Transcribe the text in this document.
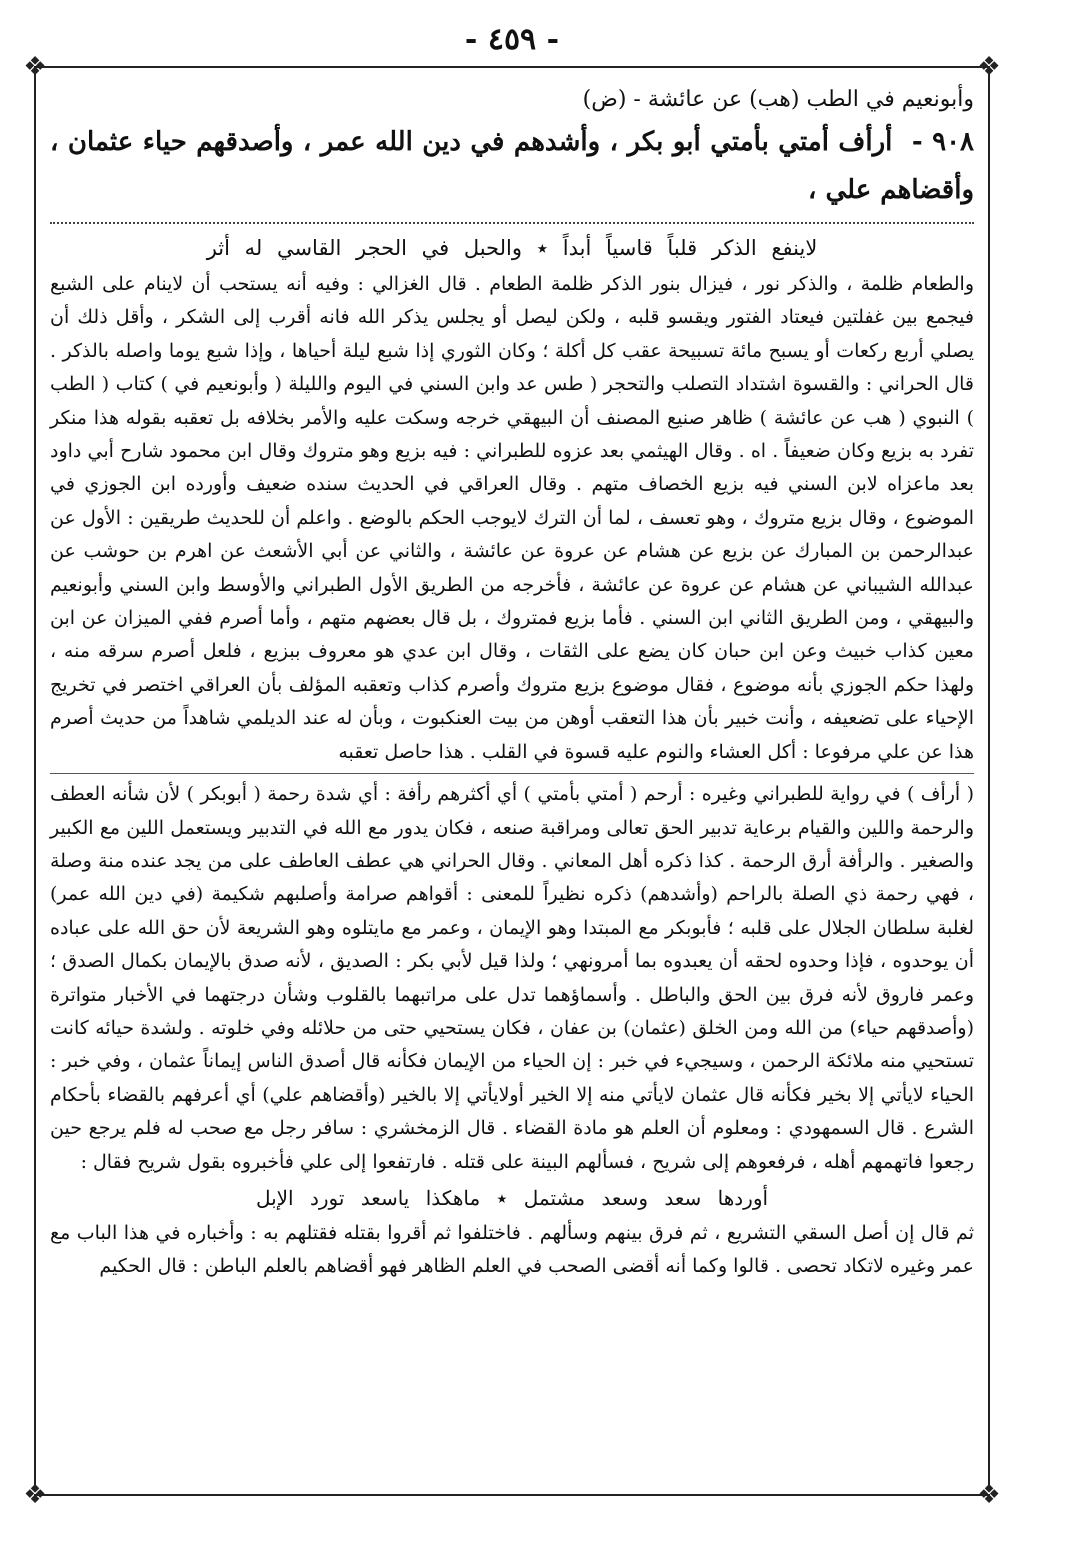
❖	❖
❖	❖
- ٤٥٩ -

وأبونعيم في الطب (هب) عن عائشة - (ض)

٩٠٨ - أرأف أمتي بأمتي أبو بكر ، وأشدهم في دين الله عمر ، وأصدقهم حياء عثمان ، وأقضاهم علي ،

لاينفع الذكر قلباً قاسياً أبداً ٭ والحبل في الحجر القاسي له أثر

والطعام ظلمة ، والذكر نور ، فيزال بنور الذكر ظلمة الطعام . قال الغزالي : وفيه أنه يستحب أن لاينام على الشبع فيجمع بين غفلتين فيعتاد الفتور ويقسو قلبه ، ولكن ليصل أو يجلس يذكر الله فانه أقرب إلى الشكر ، وأقل ذلك أن يصلي أربع ركعات أو يسبح مائة تسبيحة عقب كل أكلة ؛ وكان الثوري إذا شبع ليلة أحياها ، وإذا شبع يوما واصله بالذكر . قال الحراني : والقسوة اشتداد التصلب والتحجر ( طس عد وابن السني في اليوم والليلة ( وأبونعيم في ) كتاب ( الطب ) النبوي ( هب عن عائشة ) ظاهر صنيع المصنف أن البيهقي خرجه وسكت عليه والأمر بخلافه بل تعقبه بقوله هذا منكر تفرد به بزيع وكان ضعيفاً . اه . وقال الهيثمي بعد عزوه للطبراني : فيه بزيع وهو متروك وقال ابن محمود شارح أبي داود بعد ماعزاه لابن السني فيه بزيع الخصاف متهم . وقال العراقي في الحديث سنده ضعيف وأورده ابن الجوزي في الموضوع ، وقال بزيع متروك ، وهو تعسف ، لما أن الترك لايوجب الحكم بالوضع . واعلم أن للحديث طريقين : الأول عن عبدالرحمن بن المبارك عن بزيع عن هشام عن عروة عن عائشة ، والثاني عن أبي الأشعث عن اهرم بن حوشب عن عبدالله الشيباني عن هشام عن عروة عن عائشة ، فأخرجه من الطريق الأول الطبراني والأوسط وابن السني وأبونعيم والبيهقي ، ومن الطريق الثاني ابن السني . فأما بزيع فمتروك ، بل قال بعضهم متهم ، وأما أصرم ففي الميزان عن ابن معين كذاب خبيث وعن ابن حبان كان يضع على الثقات ، وقال ابن عدي هو معروف ببزيع ، فلعل أصرم سرقه منه ، ولهذا حكم الجوزي بأنه موضوع ، فقال موضوع بزيع متروك وأصرم كذاب وتعقبه المؤلف بأن العراقي اختصر في تخريج الإحياء على تضعيفه ، وأنت خبير بأن هذا التعقب أوهن من بيت العنكبوت ، وبأن له عند الديلمي شاهداً من حديث أصرم هذا عن علي مرفوعا : أكل العشاء والنوم عليه قسوة في القلب . هذا حاصل تعقبه

( أرأف ) في رواية للطبراني وغيره : أرحم ( أمتي بأمتي ) أي أكثرهم رأفة : أي شدة رحمة ( أبوبكر ) لأن شأنه العطف والرحمة واللين والقيام برعاية تدبير الحق تعالى ومراقبة صنعه ، فكان يدور مع الله في التدبير ويستعمل اللين مع الكبير والصغير . والرأفة أرق الرحمة . كذا ذكره أهل المعاني . وقال الحراني هي عطف العاطف على من يجد عنده منة وصلة ، فهي رحمة ذي الصلة بالراحم (وأشدهم) ذكره نظيراً للمعنى : أقواهم صرامة وأصلبهم شكيمة (في دين الله عمر) لغلبة سلطان الجلال على قلبه ؛ فأبوبكر مع المبتدا وهو الإيمان ، وعمر مع مايتلوه وهو الشريعة لأن حق الله على عباده أن يوحدوه ، فإذا وحدوه لحقه أن يعبدوه بما أمرونهي ؛ ولذا قيل لأبي بكر : الصديق ، لأنه صدق بالإيمان بكمال الصدق ؛ وعمر فاروق لأنه فرق بين الحق والباطل . وأسماؤهما تدل على مراتبهما بالقلوب وشأن درجتهما في الأخبار متواترة (وأصدقهم حياء) من الله ومن الخلق (عثمان) بن عفان ، فكان يستحيي حتى من حلائله وفي خلوته . ولشدة حيائه كانت تستحيي منه ملائكة الرحمن ، وسيجيء في خبر : إن الحياء من الإيمان فكأنه قال أصدق الناس إيماناً عثمان ، وفي خبر : الحياء لايأتي إلا بخير فكأنه قال عثمان لايأتي منه إلا الخير أولايأتي إلا بالخير (وأقضاهم علي) أي أعرفهم بالقضاء بأحكام الشرع . قال السمهودي : ومعلوم أن العلم هو مادة القضاء . قال الزمخشري : سافر رجل مع صحب له فلم يرجع حين رجعوا فاتهمهم أهله ، فرفعوهم إلى شريح ، فسألهم البينة على قتله . فارتفعوا إلى علي فأخبروه بقول شريح فقال :

أوردها سعد وسعد مشتمل ٭ ماهكذا ياسعد تورد الإبل

ثم قال إن أصل السقي التشريع ، ثم فرق بينهم وسألهم . فاختلفوا ثم أقروا بقتله فقتلهم به : وأخباره في هذا الباب مع عمر وغيره لاتكاد تحصى . قالوا وكما أنه أقضى الصحب في العلم الظاهر فهو أقضاهم بالعلم الباطن : قال الحكيم
